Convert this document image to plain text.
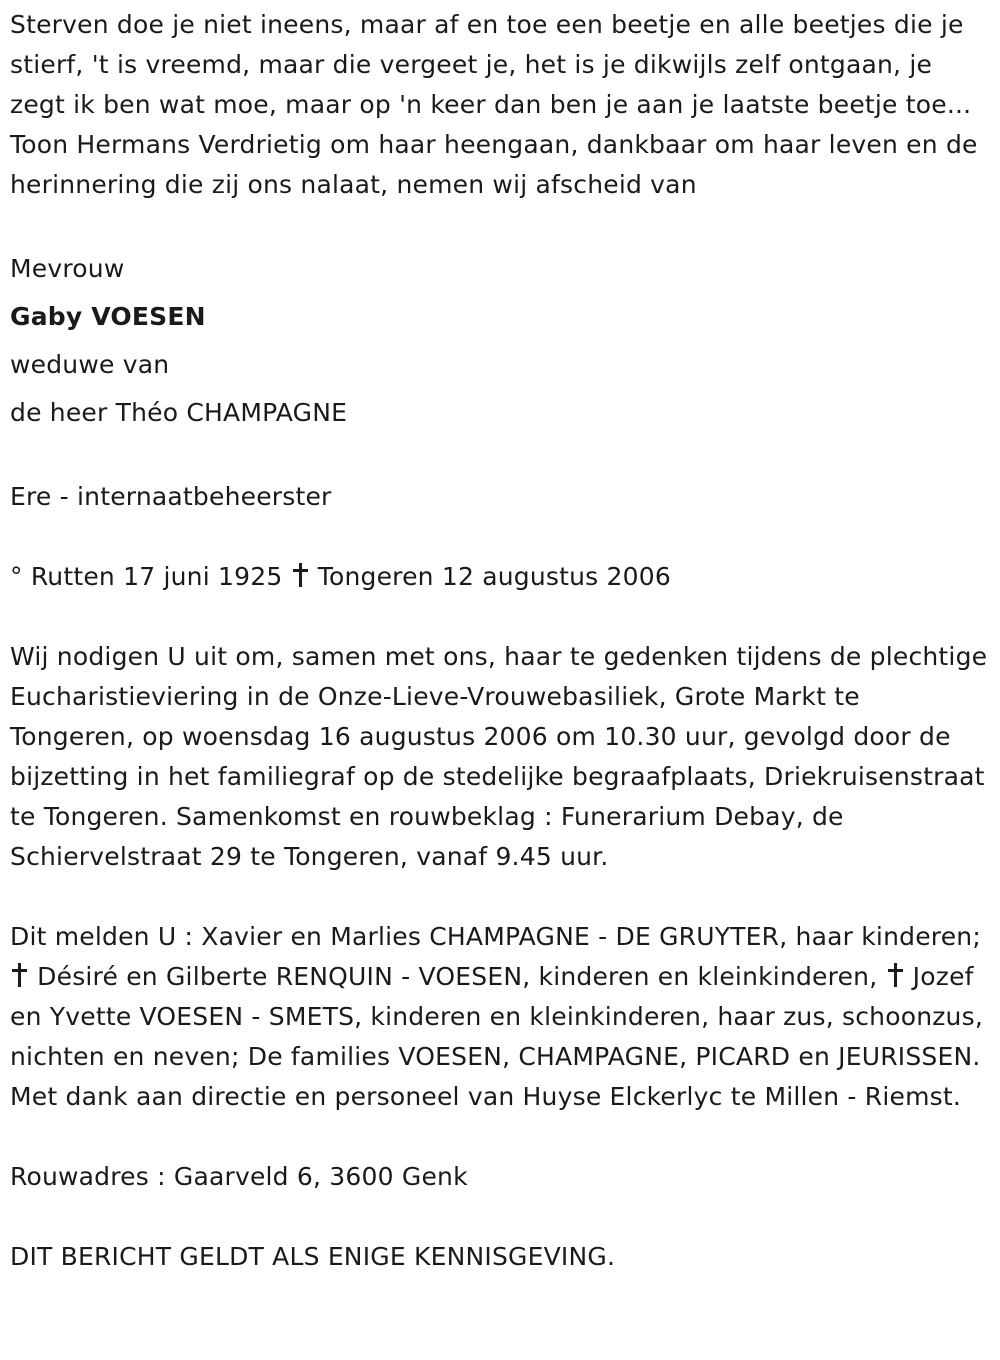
Sterven doe je niet ineens, maar af en toe een beetje en alle beetjes die je stierf, 't is vreemd, maar die vergeet je, het is je dikwijls zelf ontgaan, je zegt ik ben wat moe, maar op 'n keer dan ben je aan je laatste beetje toe... Toon Hermans Verdrietig om haar heengaan, dankbaar om haar leven en de herinnering die zij ons nalaat, nemen wij afscheid van

Mevrouw

Gaby VOESEN

weduwe van

de heer Théo CHAMPAGNE

Ere - internaatbeheerster

° Rutten 17 juni 1925 Tongeren 12 augustus 2006

Wij nodigen U uit om, samen met ons, haar te gedenken tijdens de plechtige Eucharistieviering in de Onze-Lieve-Vrouwebasiliek, Grote Markt te Tongeren, op woensdag 16 augustus 2006 om 10.30 uur, gevolgd door de bijzetting in het familiegraf op de stedelijke begraafplaats, Driekruisenstraat te Tongeren. Samenkomst en rouwbeklag : Funerarium Debay, de Schiervelstraat 29 te Tongeren, vanaf 9.45 uur.

Dit melden U : Xavier en Marlies CHAMPAGNE - DE GRUYTER, haar kinderen;  Désiré en Gilberte RENQUIN - VOESEN, kinderen en kleinkinderen, Jozef en Yvette VOESEN - SMETS, kinderen en kleinkinderen, haar zus, schoonzus, nichten en neven; De families VOESEN, CHAMPAGNE, PICARD en JEURISSEN. Met dank aan directie en personeel van Huyse Elckerlyc te Millen - Riemst.

Rouwadres : Gaarveld 6, 3600 Genk

DIT BERICHT GELDT ALS ENIGE KENNISGEVING.
